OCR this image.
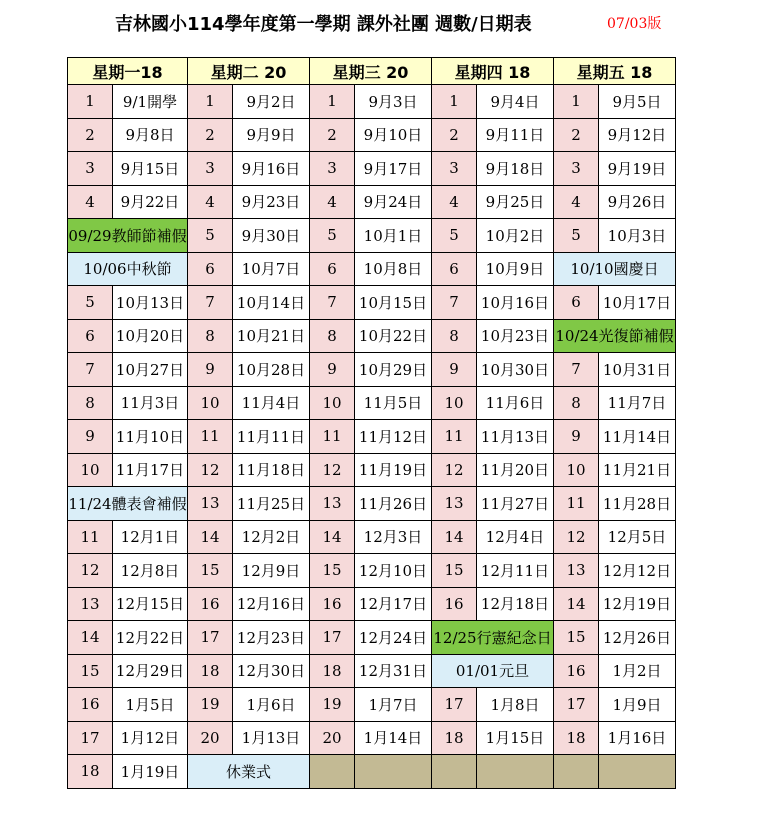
吉林國小114學年度第一學期 課外社團 週數/日期表	07/03版
星期一18		星期二 20		星期三 20		星期四 18		星期五 18	
1	9/1開學	1	9月2日	1	9月3日	1	9月4日	1	9月5日
2	9月8日	2	9月9日	2	9月10日	2	9月11日	2	9月12日
3	9月15日	3	9月16日	3	9月17日	3	9月18日	3	9月19日
4	9月22日	4	9月23日	4	9月24日	4	9月25日	4	9月26日
09/29教師節補假		5	9月30日	5	10月1日	5	10月2日	5	10月3日
10/06中秋節		6	10月7日	6	10月8日	6	10月9日	10/10國慶日	
5	10月13日	7	10月14日	7	10月15日	7	10月16日	6	10月17日
6	10月20日	8	10月21日	8	10月22日	8	10月23日	10/24光復節補假	
7	10月27日	9	10月28日	9	10月29日	9	10月30日	7	10月31日
8	11月3日	10	11月4日	10	11月5日	10	11月6日	8	11月7日
9	11月10日	11	11月11日	11	11月12日	11	11月13日	9	11月14日
10	11月17日	12	11月18日	12	11月19日	12	11月20日	10	11月21日
11/24體表會補假		13	11月25日	13	11月26日	13	11月27日	11	11月28日
11	12月1日	14	12月2日	14	12月3日	14	12月4日	12	12月5日
12	12月8日	15	12月9日	15	12月10日	15	12月11日	13	12月12日
13	12月15日	16	12月16日	16	12月17日	16	12月18日	14	12月19日
14	12月22日	17	12月23日	17	12月24日	12/25行憲紀念日		15	12月26日
15	12月29日	18	12月30日	18	12月31日	01/01元旦		16	1月2日
16	1月5日	19	1月6日	19	1月7日	17	1月8日	17	1月9日
17	1月12日	20	1月13日	20	1月14日	18	1月15日	18	1月16日
18	1月19日	休業式							
